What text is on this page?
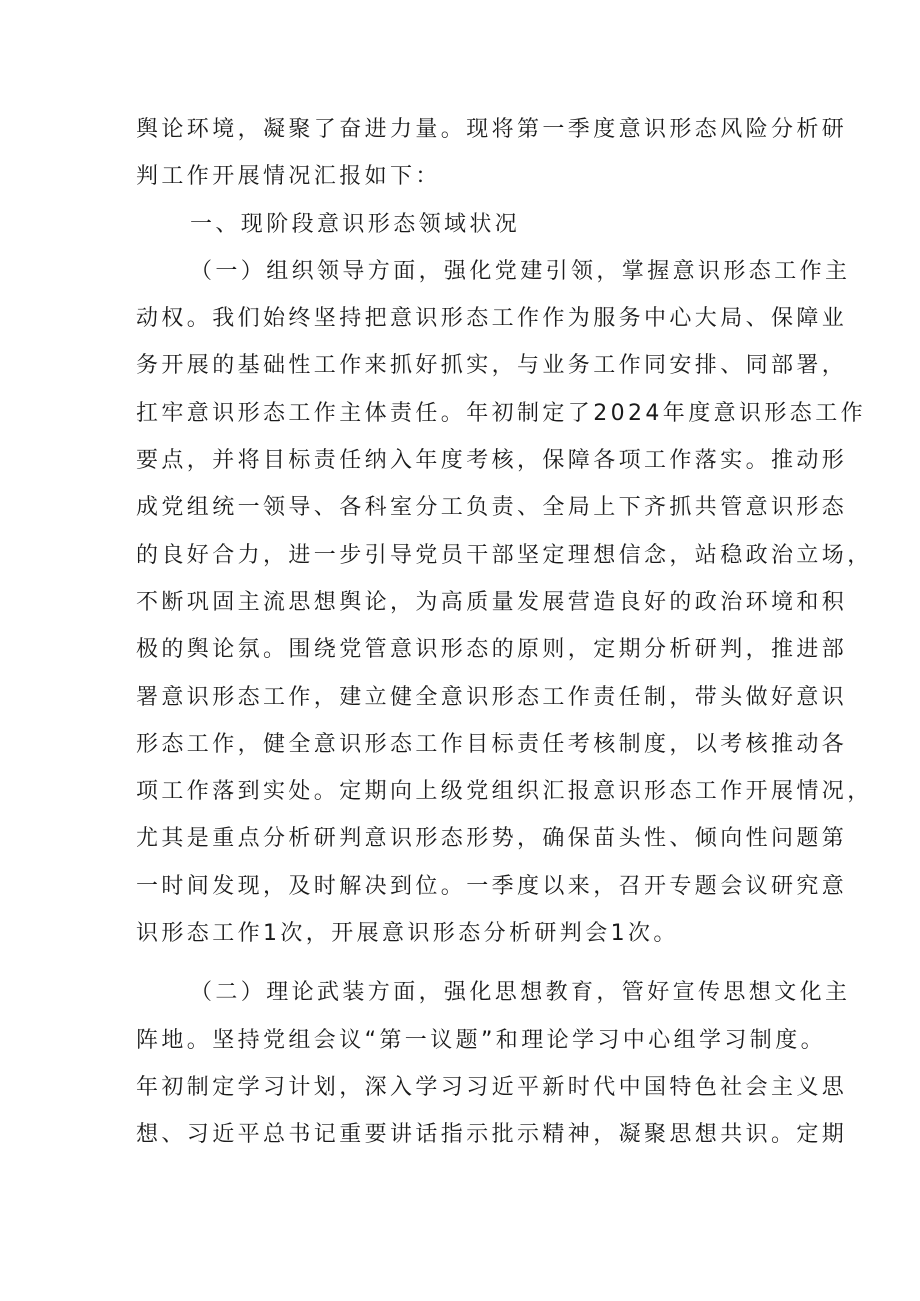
舆论环境，凝聚了奋进力量。现将第一季度意识形态风险分析研
判工作开展情况汇报如下：
一、现阶段意识形态领域状况
（一）组织领导方面，强化党建引领，掌握意识形态工作主
动权。我们始终坚持把意识形态工作作为服务中心大局、保障业
务开展的基础性工作来抓好抓实，与业务工作同安排、同部署，
扛牢意识形态工作主体责任。年初制定了2024年度意识形态工作
要点，并将目标责任纳入年度考核，保障各项工作落实。推动形
成党组统一领导、各科室分工负责、全局上下齐抓共管意识形态
的良好合力，进一步引导党员干部坚定理想信念，站稳政治立场，
不断巩固主流思想舆论，为高质量发展营造良好的政治环境和积
极的舆论氛。围绕党管意识形态的原则，定期分析研判，推进部
署意识形态工作，建立健全意识形态工作责任制，带头做好意识
形态工作，健全意识形态工作目标责任考核制度，以考核推动各
项工作落到实处。定期向上级党组织汇报意识形态工作开展情况，
尤其是重点分析研判意识形态形势，确保苗头性、倾向性问题第
一时间发现，及时解决到位。一季度以来，召开专题会议研究意
识形态工作1次，开展意识形态分析研判会1次。
（二）理论武装方面，强化思想教育，管好宣传思想文化主
阵地。坚持党组会议“第一议题”和理论学习中心组学习制度。
年初制定学习计划，深入学习习近平新时代中国特色社会主义思
想、习近平总书记重要讲话指示批示精神，凝聚思想共识。定期
